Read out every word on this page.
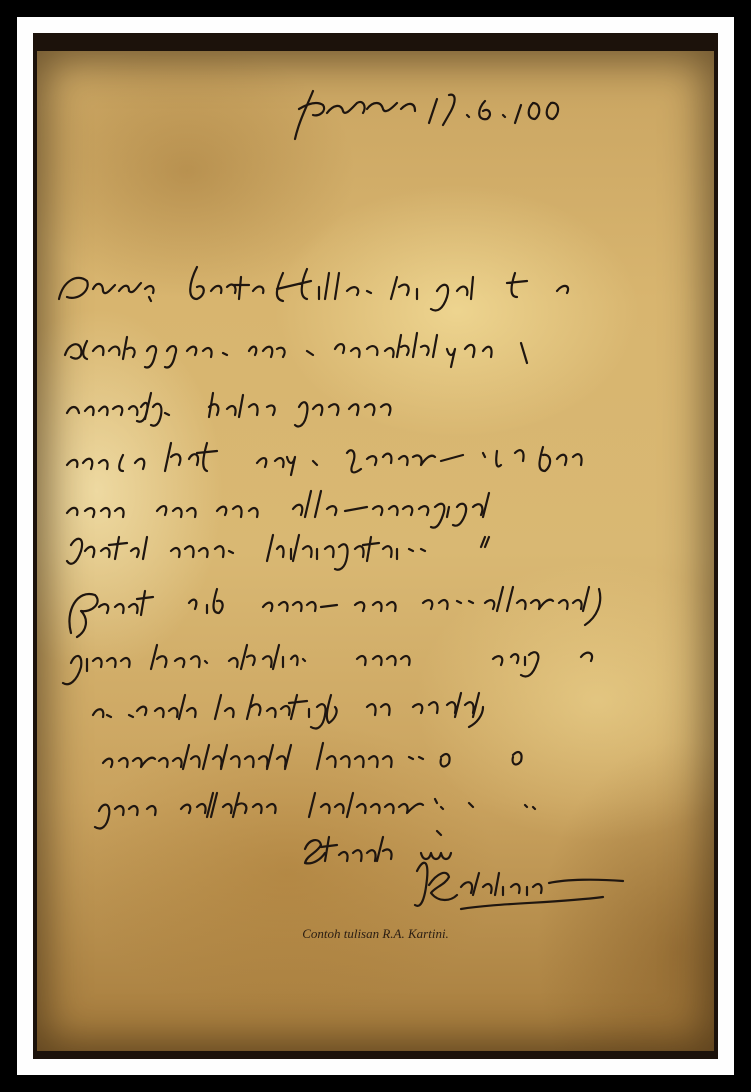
Contoh tulisan R.A. Kartini.
